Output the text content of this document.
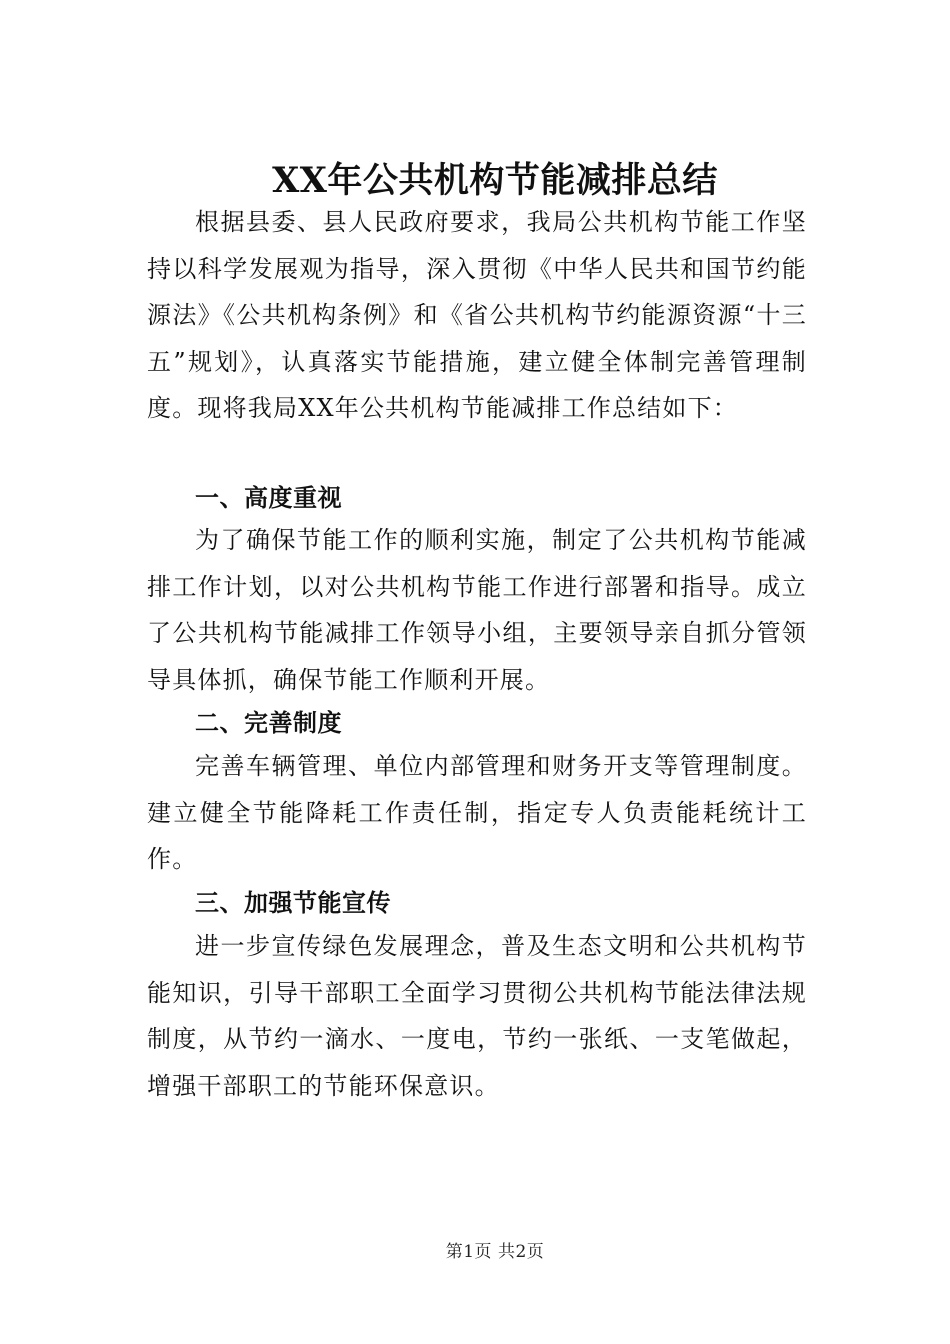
XX年公共机构节能减排总结

根据县委、县人民政府要求，我局公共机构节能工作坚持以科学发展观为指导，深入贯彻《中华人民共和国节约能源法》《公共机构条例》和《省公共机构节约能源资源“十三五”规划》，认真落实节能措施，建立健全体制完善管理制度。现将我局XX年公共机构节能减排工作总结如下：

一、高度重视

为了确保节能工作的顺利实施，制定了公共机构节能减排工作计划，以对公共机构节能工作进行部署和指导。成立了公共机构节能减排工作领导小组，主要领导亲自抓分管领导具体抓，确保节能工作顺利开展。

二、完善制度

完善车辆管理、单位内部管理和财务开支等管理制度。建立健全节能降耗工作责任制，指定专人负责能耗统计工作。

三、加强节能宣传

进一步宣传绿色发展理念，普及生态文明和公共机构节能知识，引导干部职工全面学习贯彻公共机构节能法律法规制度，从节约一滴水、一度电，节约一张纸、一支笔做起，增强干部职工的节能环保意识。

第1页 共2页
